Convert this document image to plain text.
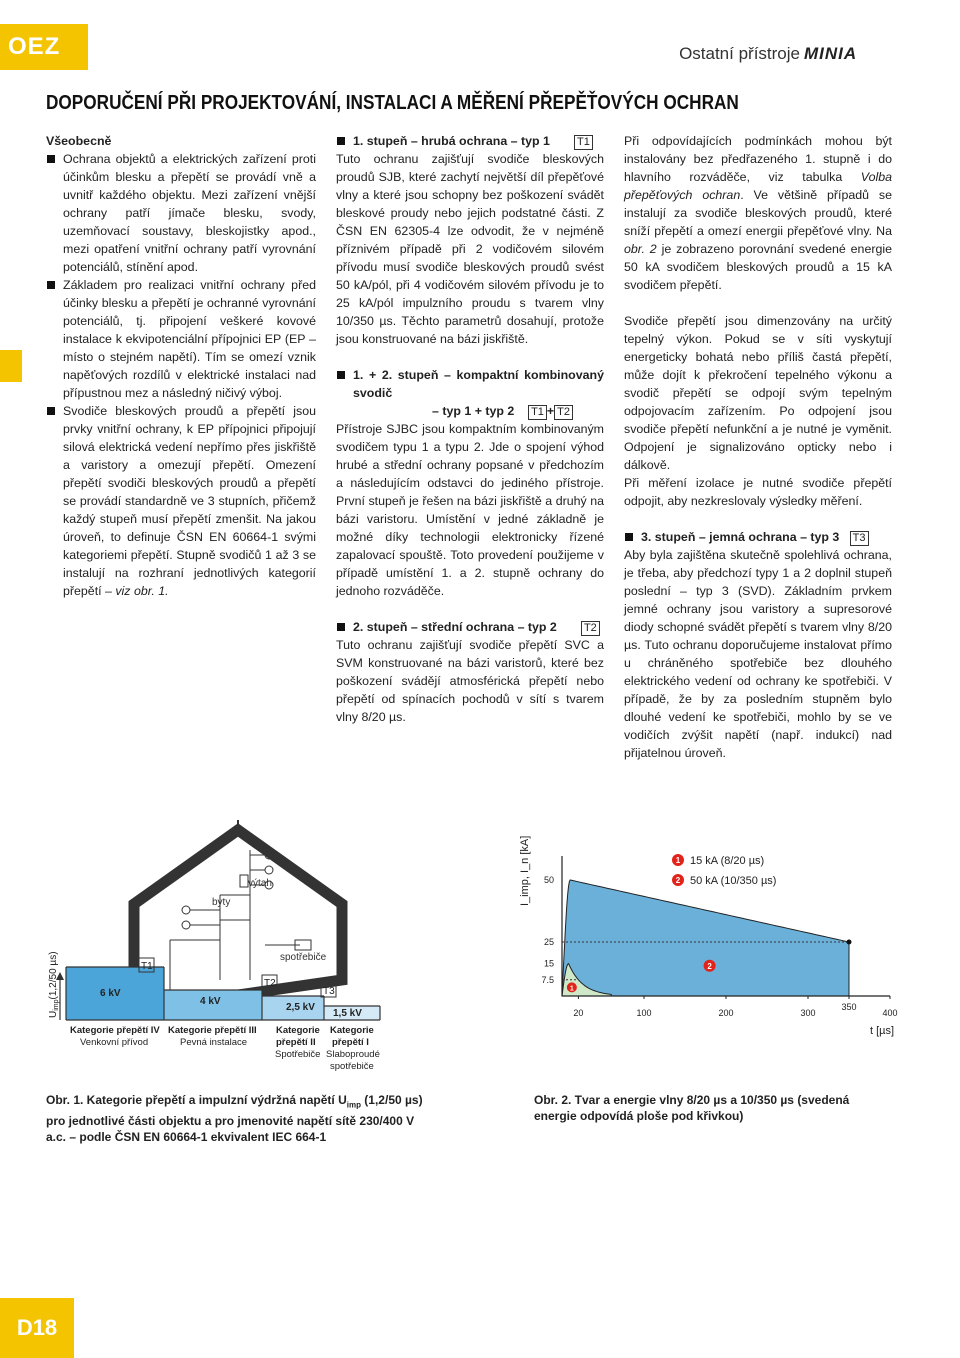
OEZ	Ostatní přístroje MINIA
DOPORUČENÍ PŘI PROJEKTOVÁNÍ, INSTALACI A MĚŘENÍ PŘEPĚŤOVÝCH OCHRAN

Všeobecně

Ochrana objektů a elektrických zařízení proti účinkům blesku a přepětí se provádí vně a uvnitř každého objektu. Mezi zařízení vnější ochrany patří jímače blesku, svody, uzemňovací soustavy, bleskojistky apod., mezi opatření vnitřní ochrany patří vyrovnání potenciálů, stínění apod.

Základem pro realizaci vnitřní ochrany před účinky blesku a přepětí je ochranné vyrovnání potenciálů, tj. připojení veškeré kovové instalace k ekvipotenciální přípojnici EP (EP – místo o stejném napětí). Tím se omezí vznik napěťových rozdílů v elektrické instalaci nad přípustnou mez a následný ničivý výboj.

Svodiče bleskových proudů a přepětí jsou prvky vnitřní ochrany, k EP přípojnici připojují silová elektrická vedení nepřímo přes jiskřiště a varistory a omezují přepětí. Omezení přepětí svodiči bleskových proudů a přepětí se provádí standardně ve 3 stupních, přičemž každý stupeň musí přepětí zmenšit. Na jakou úroveň, to definuje ČSN EN 60664-1 svými kategoriemi přepětí. Stupně svodičů 1 až 3 se instalují na rozhraní jednotlivých kategorií přepětí – viz obr. 1.

1. stupeň – hrubá ochrana – typ 1 T1

Tuto ochranu zajišťují svodiče bleskových proudů SJB, které zachytí největší díl přepěťové vlny a které jsou schopny bez poškození svádět bleskové proudy nebo jejich podstatné části. Z ČSN EN 62305-4 lze odvodit, že v nejméně příznivém případě při 2 vodičovém silovém přívodu musí svodiče bleskových proudů svést 50 kA/pól, při 4 vodičovém silovém přívodu je to 25 kA/pól impulzního proudu s tvarem vlny 10/350 µs. Těchto parametrů dosahují, protože jsou konstruované na bázi jiskřiště.

1. + 2. stupeň – kompaktní kombinovaný svodič

– typ 1 + typ 2 T1 + T2

Přístroje SJBC jsou kompaktním kombinovaným svodičem typu 1 a typu 2. Jde o spojení výhod hrubé a střední ochrany popsané v předchozím a následujícím odstavci do jediného přístroje. První stupeň je řešen na bázi jiskřiště a druhý na bázi varistoru. Umístění v jedné základně je možné díky technologii elektronicky řízené zapalovací spouště. Toto provedení použijeme v případě umístění 1. a 2. stupně ochrany do jednoho rozváděče.

2. stupeň – střední ochrana – typ 2 T2

Tuto ochranu zajišťují svodiče přepětí SVC a SVM konstruované na bázi varistorů, které bez poškození svádějí atmosférická přepětí nebo přepětí od spínacích pochodů v sítí s tvarem vlny 8/20 µs.

Při odpovídajících podmínkách mohou být instalovány bez předřazeného 1. stupně i do hlavního rozváděče, viz tabulka Volba přepěťových ochran. Ve většině případů se instalují za svodiče bleskových proudů, které sníží přepětí a omezí energii přepěťové vlny. Na obr. 2 je zobrazeno porovnání svedené energie 50 kA svodičem bleskových proudů a 15 kA svodičem přepětí.

Svodiče přepětí jsou dimenzovány na určitý tepelný výkon. Pokud se v síti vyskytují energeticky bohatá nebo příliš častá přepětí, může dojít k překročení tepelného výkonu a svodič přepětí se odpojí svým tepelným odpojovacím zařízením. Po odpojení jsou svodiče přepětí nefunkční a je nutné je vyměnit. Odpojení je signalizováno opticky nebo i dálkově.

Při měření izolace je nutné svodiče přepětí odpojit, aby nezkreslovaly výsledky měření.

3. stupeň – jemná ochrana – typ 3 T3

Aby byla zajištěna skutečně spolehlivá ochrana, je třeba, aby předchozí typy 1 a 2 doplnil stupeň poslední – typ 3 (SVD). Základním prvkem jemné ochrany jsou varistory a supresorové diody schopné svádět přepětí s tvarem vlny 8/20 µs. Tuto ochranu doporučujeme instalovat přímo u chráněného spotřebiče bez dlouhého elektrického vedení od ochrany ke spotřebiči. V případě, že by za posledním stupněm bylo dlouhé vedení ke spotřebiči, mohlo by se ve vodičích zvýšit napětí (např. indukcí) nad přijatelnou úroveň.

výtah
byty
spotřebiče
$U_{imp}(1,2/50$ µs)	6 kV
4 kV
2,5 kV
1,5 kV
T1
T2
T3
Kategorie přepětí IV
Venkovní přívod
Kategorie přepětí III
Pevná instalace
Kategorie
přepětí II
Spotřebiče
Kategorie
přepětí I
Slaboproudé
spotřebiče
Obr. 1. Kategorie přepětí a impulzní výdržná napětí $U_{imp}$ (1,2/50 µs) pro jednotlivé části objektu a pro jmenovité napětí sítě 230/400 V a.c. – podle ČSN EN 60664-1 ekvivalent IEC 664-1
7.5
15
25
50
20	100	200	300
350
400
I_imp, I_n [kA]
t [µs]
1 15 kA (8/20 µs)
2 50 kA (10/350 µs)
1
2
Obr. 2. Tvar a energie vlny 8/20 µs a 10/350 µs (svedená energie odpovídá ploše pod křivkou)
D18
